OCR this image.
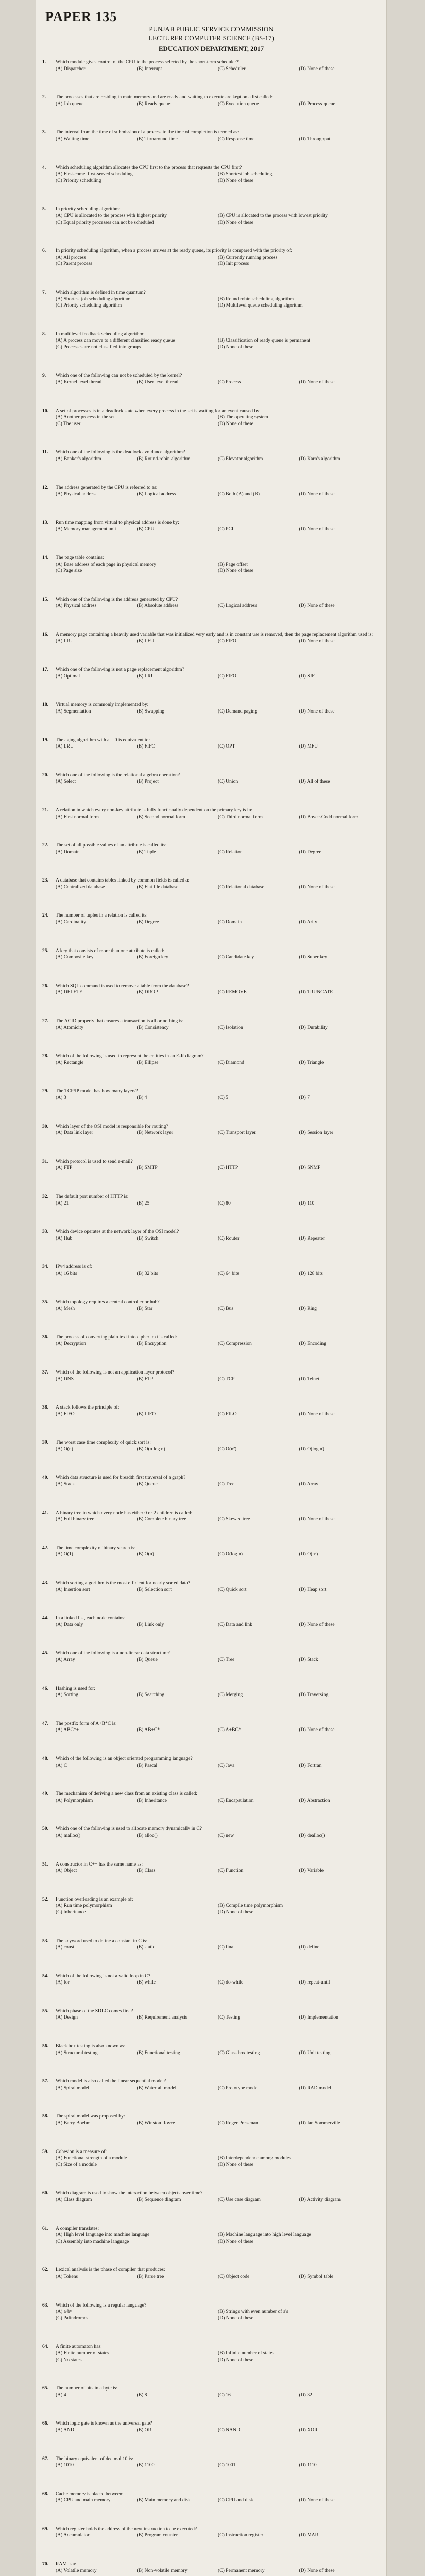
PAPER 135
PUNJAB PUBLIC SERVICE COMMISSION
LECTURER COMPUTER SCIENCE (BS-17)
EDUCATION DEPARTMENT, 2017
1.	Which module gives control of the CPU to the process selected by the short-term scheduler?
(A) Dispatcher	(B) Interrupt	(C) Scheduler	(D) None of these
2.	The processes that are residing in main memory and are ready and waiting to execute are kept on a list called:
(A) Job queue	(B) Ready queue	(C) Execution queue	(D) Process queue
3.	The interval from the time of submission of a process to the time of completion is termed as:
(A) Waiting time	(B) Turnaround time	(C) Response time	(D) Throughput
4.	Which scheduling algorithm allocates the CPU first to the process that requests the CPU first?
(A) First-come, first-served scheduling	(B) Shortest job scheduling
(C) Priority scheduling	(D) None of these
5.	In priority scheduling algorithm:
(A) CPU is allocated to the process with highest priority	(B) CPU is allocated to the process with lowest priority
(C) Equal priority processes can not be scheduled	(D) None of these
6.	In priority scheduling algorithm, when a process arrives at the ready queue, its priority is compared with the priority of:
(A) All process	(B) Currently running process
(C) Parent process	(D) Init process
7.	Which algorithm is defined in time quantum?
(A) Shortest job scheduling algorithm	(B) Round robin scheduling algorithm
(C) Priority scheduling algorithm	(D) Multilevel queue scheduling algorithm
8.	In multilevel feedback scheduling algorithm:
(A) A process can move to a different classified ready queue	(B) Classification of ready queue is permanent
(C) Processes are not classified into groups	(D) None of these
9.	Which one of the following can not be scheduled by the kernel?
(A) Kernel level thread	(B) User level thread	(C) Process	(D) None of these
10.	A set of processes is in a deadlock state when every process in the set is waiting for an event caused by:
(A) Another process in the set	(B) The operating system
(C) The user	(D) None of these
11.	Which one of the following is the deadlock avoidance algorithm?
(A) Banker's algorithm	(B) Round-robin algorithm	(C) Elevator algorithm	(D) Karn's algorithm
12.	The address generated by the CPU is referred to as:
(A) Physical address	(B) Logical address	(C) Both (A) and (B)	(D) None of these
13.	Run time mapping from virtual to physical address is done by:
(A) Memory management unit	(B) CPU	(C) PCI	(D) None of these
14.	The page table contains:
(A) Base address of each page in physical memory	(B) Page offset
(C) Page size	(D) None of these
15.	Which one of the following is the address generated by CPU?
(A) Physical address	(B) Absolute address	(C) Logical address	(D) None of these
16.	A memory page containing a heavily used variable that was initialized very early and is in constant use is removed, then the page replacement algorithm used is:
(A) LRU	(B) LFU	(C) FIFO	(D) None of these
17.	Which one of the following is not a page replacement algorithm?
(A) Optimal	(B) LRU	(C) FIFO	(D) SJF
18.	Virtual memory is commonly implemented by:
(A) Segmentation	(B) Swapping	(C) Demand paging	(D) None of these
19.	The aging algorithm with a = 0 is equivalent to:
(A) LRU	(B) FIFO	(C) OPT	(D) MFU
20.	Which one of the following is the relational algebra operation?
(A) Select	(B) Project	(C) Union	(D) All of these
21.	A relation in which every non-key attribute is fully functionally dependent on the primary key is in:
(A) First normal form	(B) Second normal form	(C) Third normal form	(D) Boyce-Codd normal form
22.	The set of all possible values of an attribute is called its:
(A) Domain	(B) Tuple	(C) Relation	(D) Degree
23.	A database that contains tables linked by common fields is called a:
(A) Centralized database	(B) Flat file database	(C) Relational database	(D) None of these
24.	The number of tuples in a relation is called its:
(A) Cardinality	(B) Degree	(C) Domain	(D) Arity
25.	A key that consists of more than one attribute is called:
(A) Composite key	(B) Foreign key	(C) Candidate key	(D) Super key
26.	Which SQL command is used to remove a table from the database?
(A) DELETE	(B) DROP	(C) REMOVE	(D) TRUNCATE
27.	The ACID property that ensures a transaction is all or nothing is:
(A) Atomicity	(B) Consistency	(C) Isolation	(D) Durability
28.	Which of the following is used to represent the entities in an E-R diagram?
(A) Rectangle	(B) Ellipse	(C) Diamond	(D) Triangle
29.	The TCP/IP model has how many layers?
(A) 3	(B) 4	(C) 5	(D) 7
30.	Which layer of the OSI model is responsible for routing?
(A) Data link layer	(B) Network layer	(C) Transport layer	(D) Session layer
31.	Which protocol is used to send e-mail?
(A) FTP	(B) SMTP	(C) HTTP	(D) SNMP
32.	The default port number of HTTP is:
(A) 21	(B) 25	(C) 80	(D) 110
33.	Which device operates at the network layer of the OSI model?
(A) Hub	(B) Switch	(C) Router	(D) Repeater
34.	IPv4 address is of:
(A) 16 bits	(B) 32 bits	(C) 64 bits	(D) 128 bits
35.	Which topology requires a central controller or hub?
(A) Mesh	(B) Star	(C) Bus	(D) Ring
36.	The process of converting plain text into cipher text is called:
(A) Decryption	(B) Encryption	(C) Compression	(D) Encoding
37.	Which of the following is not an application layer protocol?
(A) DNS	(B) FTP	(C) TCP	(D) Telnet
38.	A stack follows the principle of:
(A) FIFO	(B) LIFO	(C) FILO	(D) None of these
39.	The worst case time complexity of quick sort is:
(A) O(n)	(B) O(n log n)	(C) O(n²)	(D) O(log n)
40.	Which data structure is used for breadth first traversal of a graph?
(A) Stack	(B) Queue	(C) Tree	(D) Array
41.	A binary tree in which every node has either 0 or 2 children is called:
(A) Full binary tree	(B) Complete binary tree	(C) Skewed tree	(D) None of these
42.	The time complexity of binary search is:
(A) O(1)	(B) O(n)	(C) O(log n)	(D) O(n²)
43.	Which sorting algorithm is the most efficient for nearly sorted data?
(A) Insertion sort	(B) Selection sort	(C) Quick sort	(D) Heap sort
44.	In a linked list, each node contains:
(A) Data only	(B) Link only	(C) Data and link	(D) None of these
45.	Which one of the following is a non-linear data structure?
(A) Array	(B) Queue	(C) Tree	(D) Stack
46.	Hashing is used for:
(A) Sorting	(B) Searching	(C) Merging	(D) Traversing
47.	The postfix form of A+B*C is:
(A) ABC*+	(B) AB+C*	(C) A+BC*	(D) None of these
48.	Which of the following is an object oriented programming language?
(A) C	(B) Pascal	(C) Java	(D) Fortran
49.	The mechanism of deriving a new class from an existing class is called:
(A) Polymorphism	(B) Inheritance	(C) Encapsulation	(D) Abstraction
50.	Which one of the following is used to allocate memory dynamically in C?
(A) malloc()	(B) alloc()	(C) new	(D) dealloc()
51.	A constructor in C++ has the same name as:
(A) Object	(B) Class	(C) Function	(D) Variable
52.	Function overloading is an example of:
(A) Run time polymorphism	(B) Compile time polymorphism
(C) Inheritance	(D) None of these
53.	The keyword used to define a constant in C is:
(A) const	(B) static	(C) final	(D) define
54.	Which of the following is not a valid loop in C?
(A) for	(B) while	(C) do-while	(D) repeat-until
55.	Which phase of the SDLC comes first?
(A) Design	(B) Requirement analysis	(C) Testing	(D) Implementation
56.	Black box testing is also known as:
(A) Structural testing	(B) Functional testing	(C) Glass box testing	(D) Unit testing
57.	Which model is also called the linear sequential model?
(A) Spiral model	(B) Waterfall model	(C) Prototype model	(D) RAD model
58.	The spiral model was proposed by:
(A) Barry Boehm	(B) Winston Royce	(C) Roger Pressman	(D) Ian Sommerville
59.	Cohesion is a measure of:
(A) Functional strength of a module	(B) Interdependence among modules
(C) Size of a module	(D) None of these
60.	Which diagram is used to show the interaction between objects over time?
(A) Class diagram	(B) Sequence diagram	(C) Use case diagram	(D) Activity diagram
61.	A compiler translates:
(A) High level language into machine language	(B) Machine language into high level language
(C) Assembly into machine language	(D) None of these
62.	Lexical analysis is the phase of compiler that produces:
(A) Tokens	(B) Parse tree	(C) Object code	(D) Symbol table
63.	Which of the following is a regular language?
(A) aⁿbⁿ	(B) Strings with even number of a's
(C) Palindromes	(D) None of these
64.	A finite automaton has:
(A) Finite number of states	(B) Infinite number of states
(C) No states	(D) None of these
65.	The number of bits in a byte is:
(A) 4	(B) 8	(C) 16	(D) 32
66.	Which logic gate is known as the universal gate?
(A) AND	(B) OR	(C) NAND	(D) XOR
67.	The binary equivalent of decimal 10 is:
(A) 1010	(B) 1100	(C) 1001	(D) 1110
68.	Cache memory is placed between:
(A) CPU and main memory	(B) Main memory and disk	(C) CPU and disk	(D) None of these
69.	Which register holds the address of the next instruction to be executed?
(A) Accumulator	(B) Program counter	(C) Instruction register	(D) MAR
70.	RAM is a:
(A) Volatile memory	(B) Non-volatile memory	(C) Permanent memory	(D) None of these
